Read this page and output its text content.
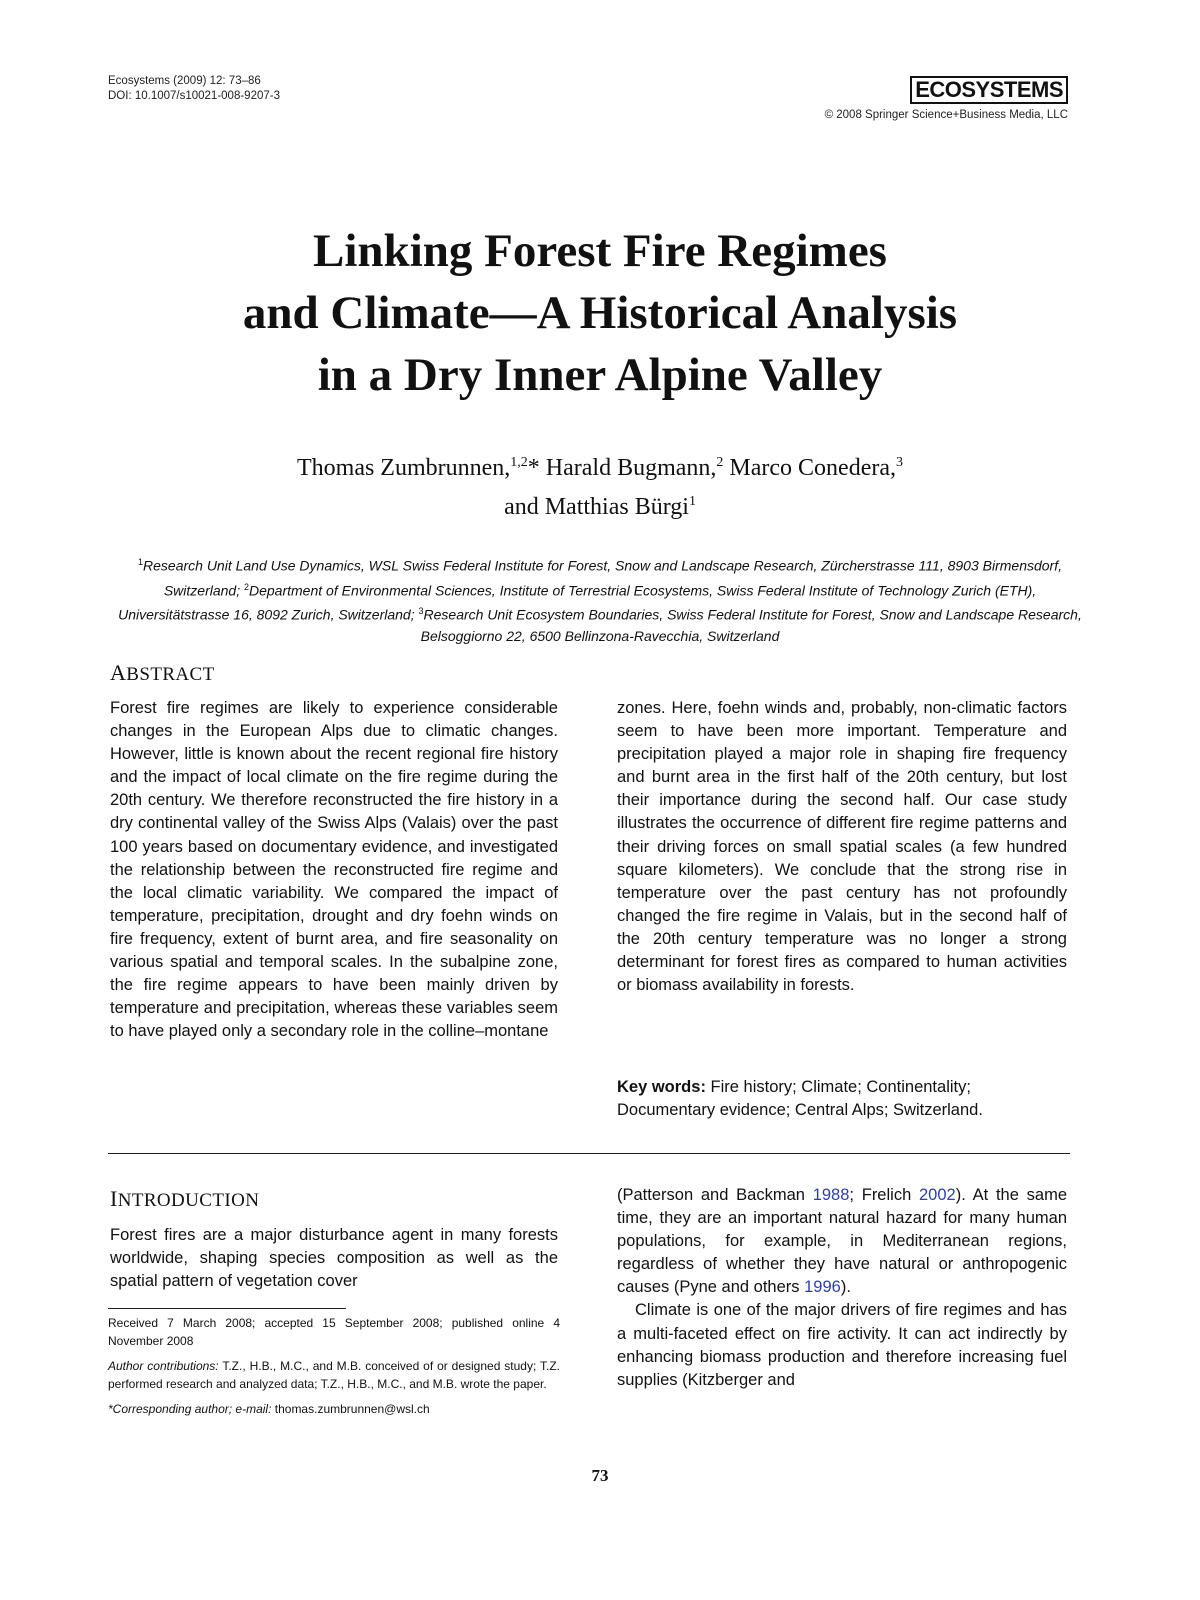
Ecosystems (2009) 12: 73–86
DOI: 10.1007/s10021-008-9207-3	ECOSYSTEMS
© 2008 Springer Science+Business Media, LLC
Linking Forest Fire Regimes
and Climate—A Historical Analysis
in a Dry Inner Alpine Valley
Thomas Zumbrunnen,$^{1,2}$* Harald Bugmann,$^2$ Marco Conedera,$^3$
and Matthias Bürgi$^1$
$^1$Research Unit Land Use Dynamics, WSL Swiss Federal Institute for Forest, Snow and Landscape Research, Zürcherstrasse 111, 8903 Birmensdorf, Switzerland; $^2$Department of Environmental Sciences, Institute of Terrestrial Ecosystems, Swiss Federal Institute of Technology Zurich (ETH), Universitätstrasse 16, 8092 Zurich, Switzerland; $^3$Research Unit Ecosystem Boundaries, Swiss Federal Institute for Forest, Snow and Landscape Research, Belsoggiorno 22, 6500 Bellinzona-Ravecchia, Switzerland
ABSTRACT
Forest fire regimes are likely to experience considerable changes in the European Alps due to climatic changes. However, little is known about the recent regional fire history and the impact of local climate on the fire regime during the 20th century. We therefore reconstructed the fire history in a dry continental valley of the Swiss Alps (Valais) over the past 100 years based on documentary evidence, and investigated the relationship between the reconstructed fire regime and the local climatic variability. We compared the impact of temperature, precipitation, drought and dry foehn winds on fire frequency, extent of burnt area, and fire seasonality on various spatial and temporal scales. In the subalpine zone, the fire regime appears to have been mainly driven by temperature and precipitation, whereas these variables seem to have played only a secondary role in the colline–montane
zones. Here, foehn winds and, probably, non-climatic factors seem to have been more important. Temperature and precipitation played a major role in shaping fire frequency and burnt area in the first half of the 20th century, but lost their importance during the second half. Our case study illustrates the occurrence of different fire regime patterns and their driving forces on small spatial scales (a few hundred square kilometers). We conclude that the strong rise in temperature over the past century has not profoundly changed the fire regime in Valais, but in the second half of the 20th century temperature was no longer a strong determinant for forest fires as compared to human activities or biomass availability in forests.
Key words: Fire history; Climate; Continentality; Documentary evidence; Central Alps; Switzerland.
INTRODUCTION
Forest fires are a major disturbance agent in many forests worldwide, shaping species composition as well as the spatial pattern of vegetation cover

Received 7 March 2008; accepted 15 September 2008; published online 4 November 2008

Author contributions: T.Z., H.B., M.C., and M.B. conceived of or designed study; T.Z. performed research and analyzed data; T.Z., H.B., M.C., and M.B. wrote the paper.

*Corresponding author; e-mail: thomas.zumbrunnen@wsl.ch

(Patterson and Backman 1988; Frelich 2002). At the same time, they are an important natural hazard for many human populations, for example, in Mediterranean regions, regardless of whether they have natural or anthropogenic causes (Pyne and others 1996).

Climate is one of the major drivers of fire regimes and has a multi-faceted effect on fire activity. It can act indirectly by enhancing biomass production and therefore increasing fuel supplies (Kitzberger and

73
